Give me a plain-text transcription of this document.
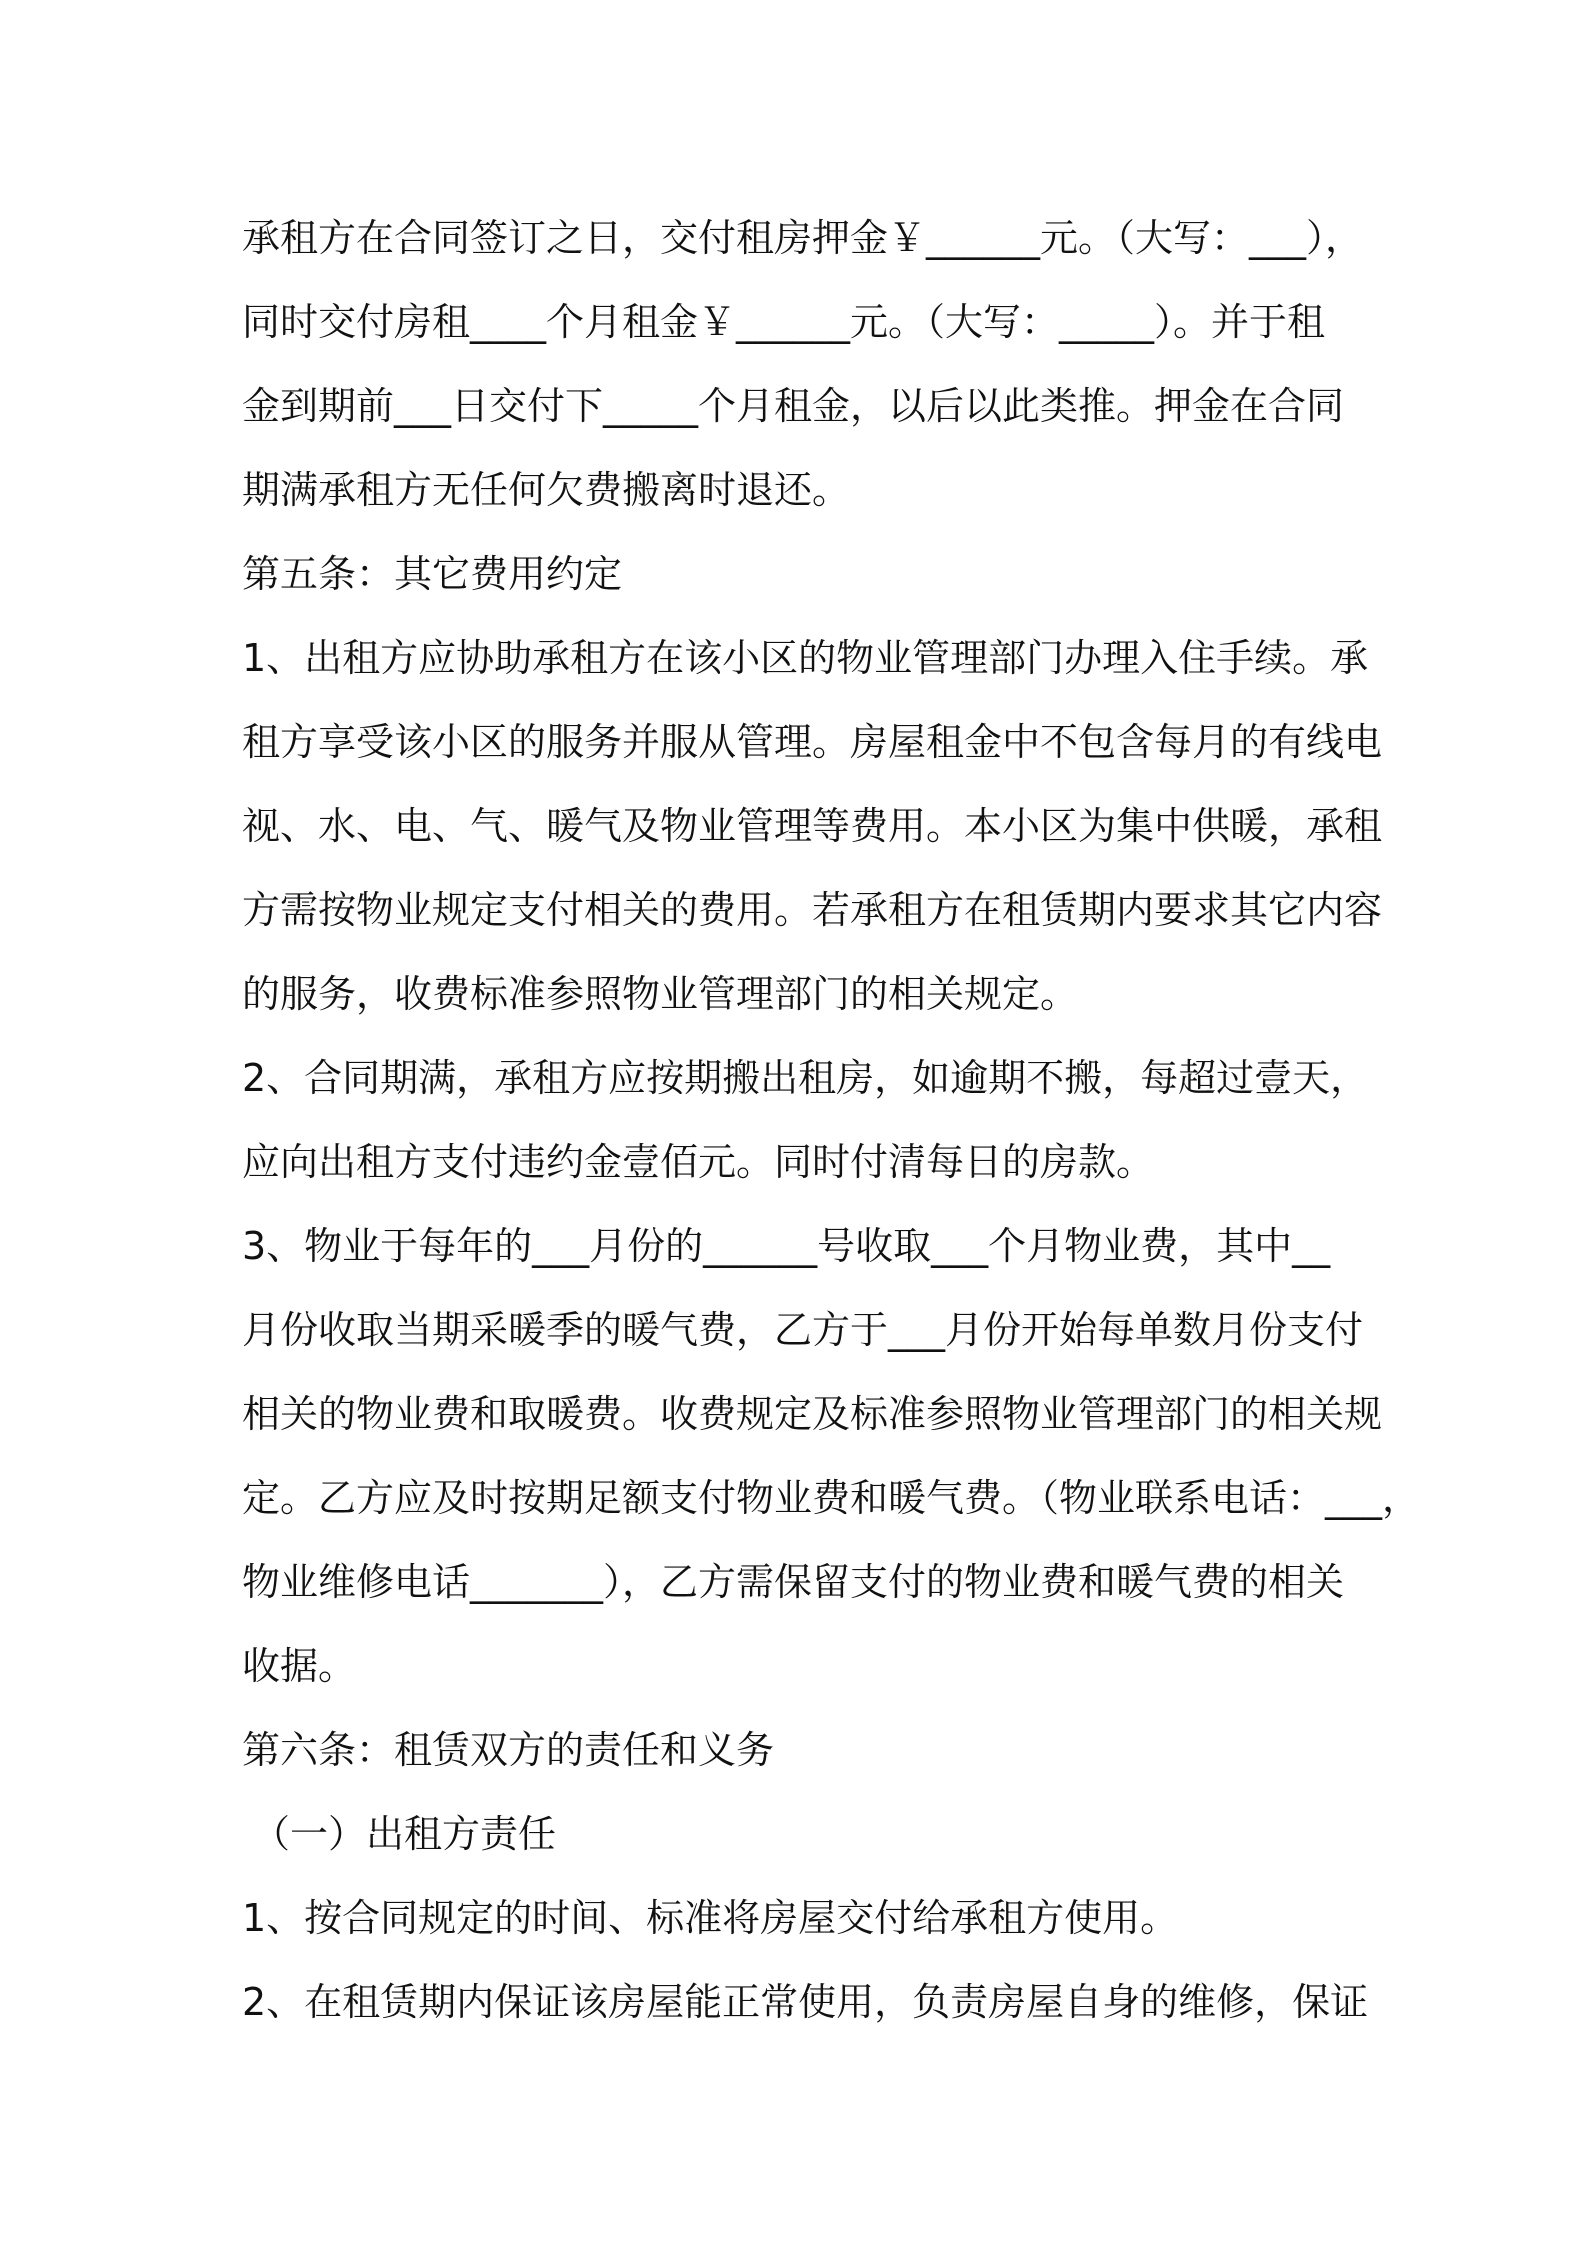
承租方在合同签订之日，交付租房押金￥______元。（大写：___），
同时交付房租____个月租金￥______元。（大写：_____）。并于租
金到期前___日交付下_____个月租金，以后以此类推。押金在合同
期满承租方无任何欠费搬离时退还。
第五条：其它费用约定
1、出租方应协助承租方在该小区的物业管理部门办理入住手续。承
租方享受该小区的服务并服从管理。房屋租金中不包含每月的有线电
视、水、电、气、暖气及物业管理等费用。本小区为集中供暖，承租
方需按物业规定支付相关的费用。若承租方在租赁期内要求其它内容
的服务，收费标准参照物业管理部门的相关规定。
2、合同期满，承租方应按期搬出租房，如逾期不搬，每超过壹天，
应向出租方支付违约金壹佰元。同时付清每日的房款。
3、物业于每年的___月份的______号收取___个月物业费，其中__
月份收取当期采暖季的暖气费，乙方于___月份开始每单数月份支付
相关的物业费和取暖费。收费规定及标准参照物业管理部门的相关规
定。乙方应及时按期足额支付物业费和暖气费。（物业联系电话：___，
物业维修电话_______），乙方需保留支付的物业费和暖气费的相关
收据。
第六条：租赁双方的责任和义务
（一）出租方责任
1、按合同规定的时间、标准将房屋交付给承租方使用。
2、在租赁期内保证该房屋能正常使用，负责房屋自身的维修，保证
